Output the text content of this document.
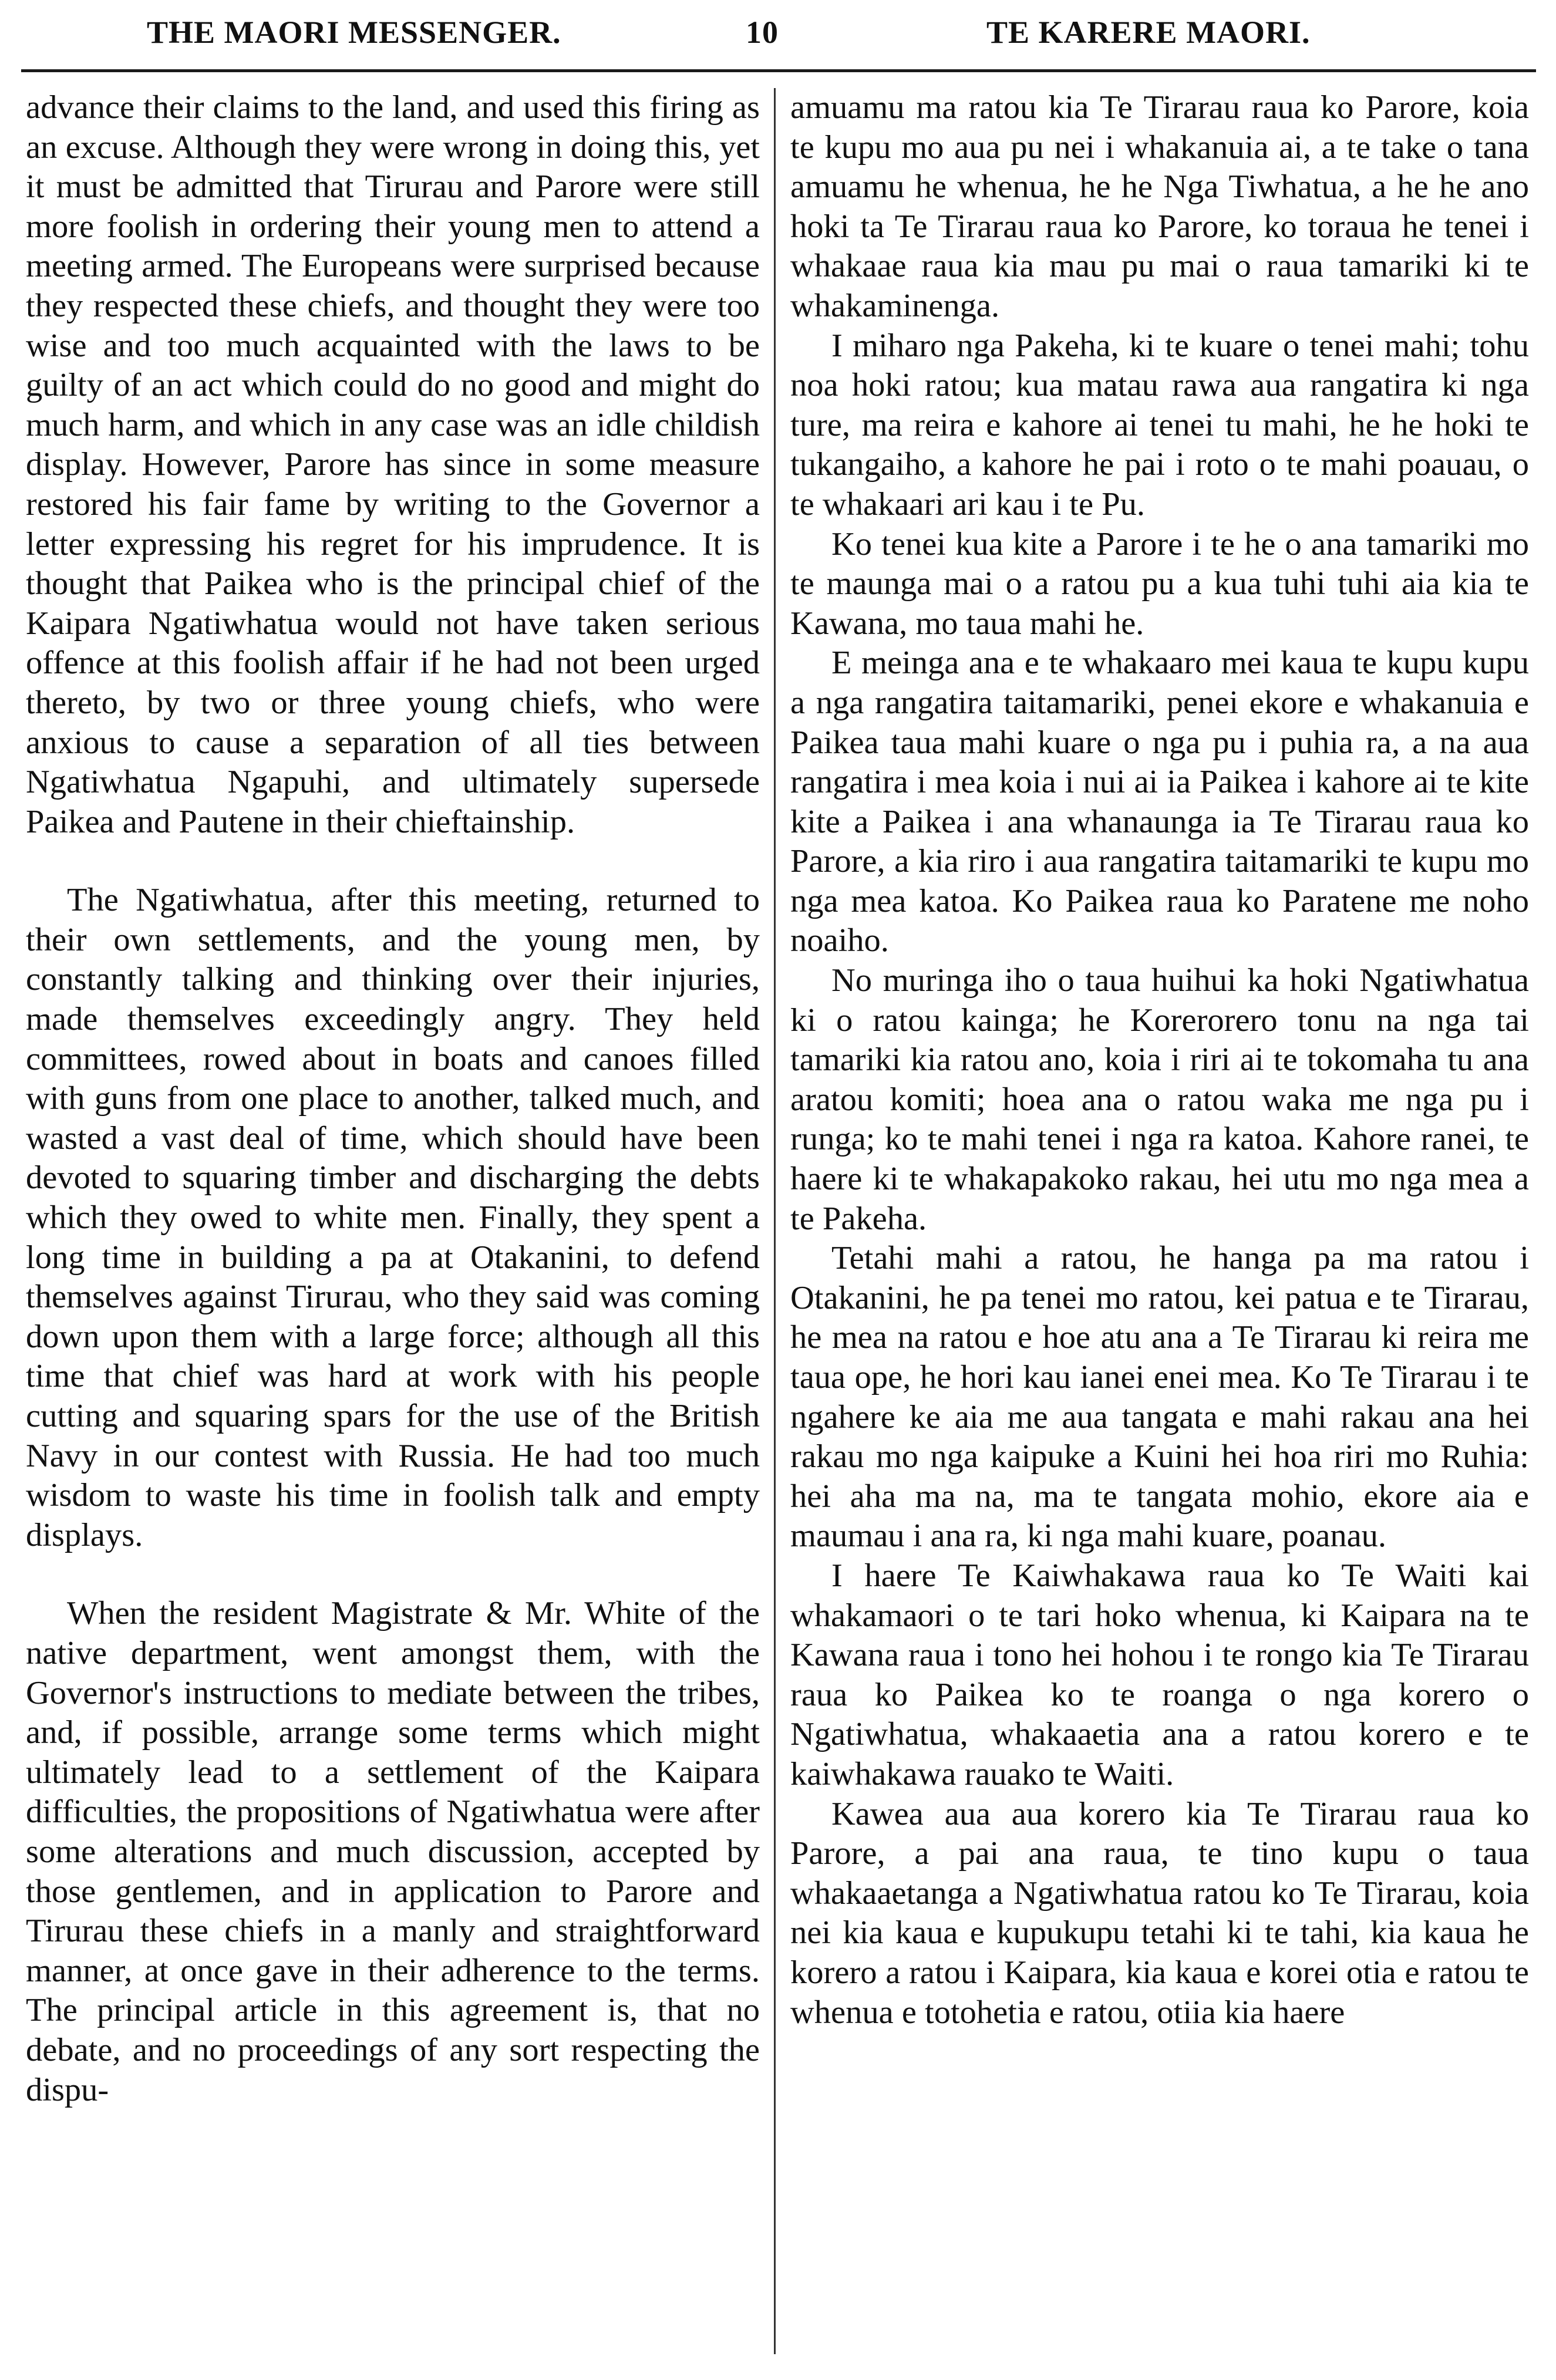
THE MAORI MESSENGER.	10	TE KARERE MAORI.

advance their claims to the land, and used this firing as an excuse. Although they were wrong in doing this, yet it must be admitted that Tirurau and Parore were still more foolish in ordering their young men to attend a meeting armed. The Europeans were surprised because they respected these chiefs, and thought they were too wise and too much acquainted with the laws to be guilty of an act which could do no good and might do much harm, and which in any case was an idle childish display. However, Parore has since in some measure restored his fair fame by writing to the Governor a letter expressing his regret for his imprudence. It is thought that Paikea who is the principal chief of the Kaipara Ngatiwhatua would not have taken serious offence at this foolish affair if he had not been urged thereto, by two or three young chiefs, who were anxious to cause a separation of all ties between Ngatiwhatua Ngapuhi, and ultimately supersede Paikea and Pautene in their chieftainship.

The Ngatiwhatua, after this meeting, returned to their own settlements, and the young men, by constantly talking and thinking over their injuries, made themselves exceedingly angry. They held committees, rowed about in boats and canoes filled with guns from one place to another, talked much, and wasted a vast deal of time, which should have been devoted to squaring timber and discharging the debts which they owed to white men. Finally, they spent a long time in building a pa at Otakanini, to defend themselves against Tirurau, who they said was coming down upon them with a large force; although all this time that chief was hard at work with his people cutting and squaring spars for the use of the British Navy in our contest with Russia. He had too much wisdom to waste his time in foolish talk and empty displays.

When the resident Magistrate & Mr. White of the native department, went amongst them, with the Governor's instructions to mediate between the tribes, and, if possible, arrange some terms which might ultimately lead to a settlement of the Kaipara difficulties, the propositions of Ngatiwhatua were after some alterations and much discussion, accepted by those gentlemen, and in application to Parore and Tirurau these chiefs in a manly and straightforward manner, at once gave in their adherence to the terms. The principal article in this agreement is, that no debate, and no proceedings of any sort respecting the dispu-

amuamu ma ratou kia Te Tirarau raua ko Parore, koia te kupu mo aua pu nei i whakanuia ai, a te take o tana amuamu he whenua, he he Nga Tiwhatua, a he he ano hoki ta Te Tirarau raua ko Parore, ko toraua he tenei i whakaae raua kia mau pu mai o raua tamariki ki te whakaminenga.

I miharo nga Pakeha, ki te kuare o tenei mahi; tohu noa hoki ratou; kua matau rawa aua rangatira ki nga ture, ma reira e kahore ai tenei tu mahi, he he hoki te tukangaiho, a kahore he pai i roto o te mahi poauau, o te whakaari ari kau i te Pu.

Ko tenei kua kite a Parore i te he o ana tamariki mo te maunga mai o a ratou pu a kua tuhi tuhi aia kia te Kawana, mo taua mahi he.

E meinga ana e te whakaaro mei kaua te kupu kupu a nga rangatira taitamariki, penei ekore e whakanuia e Paikea taua mahi kuare o nga pu i puhia ra, a na aua rangatira i mea koia i nui ai ia Paikea i kahore ai te kite kite a Paikea i ana whanaunga ia Te Tirarau raua ko Parore, a kia riro i aua rangatira taitamariki te kupu mo nga mea katoa. Ko Paikea raua ko Paratene me noho noaiho.

No muringa iho o taua huihui ka hoki Ngatiwhatua ki o ratou kainga; he Korerorero tonu na nga tai tamariki kia ratou ano, koia i riri ai te tokomaha tu ana aratou komiti; hoea ana o ratou waka me nga pu i runga; ko te mahi tenei i nga ra katoa. Kahore ranei, te haere ki te whakapakoko rakau, hei utu mo nga mea a te Pakeha.

Tetahi mahi a ratou, he hanga pa ma ratou i Otakanini, he pa tenei mo ratou, kei patua e te Tirarau, he mea na ratou e hoe atu ana a Te Tirarau ki reira me taua ope, he hori kau ianei enei mea. Ko Te Tirarau i te ngahere ke aia me aua tangata e mahi rakau ana hei rakau mo nga kaipuke a Kuini hei hoa riri mo Ruhia: hei aha ma na, ma te tangata mohio, ekore aia e maumau i ana ra, ki nga mahi kuare, poanau.

I haere Te Kaiwhakawa raua ko Te Waiti kai whakamaori o te tari hoko whenua, ki Kaipara na te Kawana raua i tono hei hohou i te rongo kia Te Tirarau raua ko Paikea ko te roanga o nga korero o Ngatiwhatua, whakaaetia ana a ratou korero e te kaiwhakawa rauako te Waiti.

Kawea aua aua korero kia Te Tirarau raua ko Parore, a pai ana raua, te tino kupu o taua whakaaetanga a Ngatiwhatua ratou ko Te Tirarau, koia nei kia kaua e kupukupu tetahi ki te tahi, kia kaua he korero a ratou i Kaipara, kia kaua e korei otia e ratou te whenua e totohetia e ratou, otiia kia haere
